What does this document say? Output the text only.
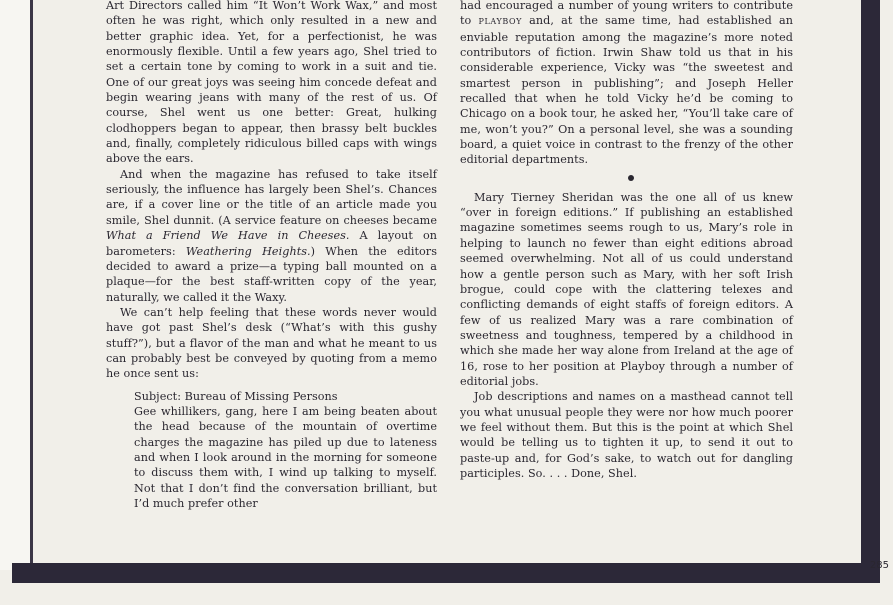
Art Directors called him “It Won’t Work Wax,” and most often he was right, which only resulted in a new and better graphic idea. Yet, for a perfectionist, he was enormously flexible. Until a few years ago, Shel tried to set a certain tone by coming to work in a suit and tie. One of our great joys was seeing him concede defeat and begin wearing jeans with many of the rest of us. Of course, Shel went us one better: Great, hulking clodhoppers began to appear, then brassy belt buckles and, finally, completely ridiculous billed caps with wings above the ears.

And when the magazine has refused to take itself seriously, the influence has largely been Shel’s. Chances are, if a cover line or the title of an article made you smile, Shel dunnit. (A service feature on cheeses became What a Friend We Have in Cheeses. A layout on barometers: Weathering Heights.) When the editors decided to award a prize—a typing ball mounted on a plaque—for the best staff-written copy of the year, naturally, we called it the Waxy.

We can’t help feeling that these words never would have got past Shel’s desk (“What’s with this gushy stuff?”), but a flavor of the man and what he meant to us can probably best be conveyed by quoting from a memo he once sent us:

Subject: Bureau of Missing Persons

Gee whillikers, gang, here I am being beaten about the head because of the mountain of overtime charges the magazine has piled up due to lateness and when I look around in the morning for someone to discuss them with, I wind up talking to myself. Not that I don’t find the conversation brilliant, but I’d much prefer other

had encouraged a number of young writers to contribute to PLAYBOY and, at the same time, had established an enviable reputation among the magazine’s more noted contributors of fiction. Irwin Shaw told us that in his considerable experience, Vicky was “the sweetest and smartest person in publishing”; and Joseph Heller recalled that when he told Vicky he’d be coming to Chicago on a book tour, he asked her, “You’ll take care of me, won’t you?” On a personal level, she was a sounding board, a quiet voice in contrast to the frenzy of the other editorial departments.

Mary Tierney Sheridan was the one all of us knew “over in foreign editions.” If publishing an established magazine sometimes seems rough to us, Mary’s role in helping to launch no fewer than eight editions abroad seemed overwhelming. Not all of us could understand how a gentle person such as Mary, with her soft Irish brogue, could cope with the clattering telexes and conflicting demands of eight staffs of foreign editors. A few of us realized Mary was a rare combination of sweetness and toughness, tempered by a childhood in which she made her way alone from Ireland at the age of 16, rose to her position at Playboy through a number of editorial jobs.

Job descriptions and names on a masthead cannot tell you what unusual people they were nor how much poorer we feel without them. But this is the point at which Shel would be telling us to tighten it up, to send it out to paste-up and, for God’s sake, to watch out for dangling participles. So. . . . Done, Shel.

285
